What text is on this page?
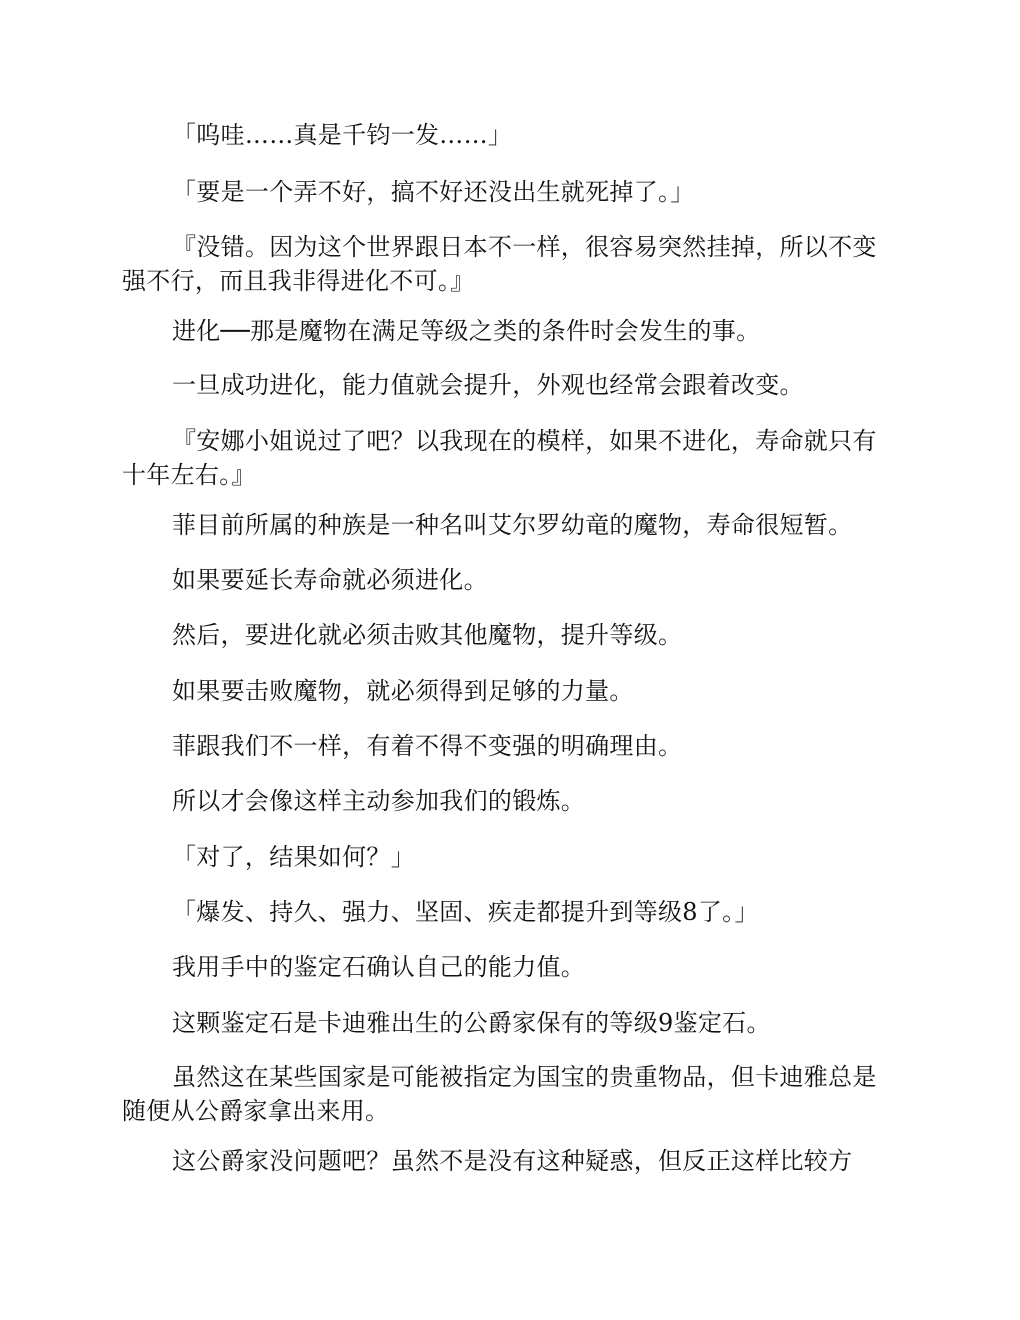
「呜哇……真是千钧一发……」

「要是一个弄不好，搞不好还没出生就死掉了。」

『没错。因为这个世界跟日本不一样，很容易突然挂掉，所以不变强不行，而且我非得进化不可。』

进化──那是魔物在满足等级之类的条件时会发生的事。

一旦成功进化，能力值就会提升，外观也经常会跟着改变。

『安娜小姐说过了吧？以我现在的模样，如果不进化，寿命就只有十年左右。』

菲目前所属的种族是一种名叫艾尔罗幼竜的魔物，寿命很短暂。

如果要延长寿命就必须进化。

然后，要进化就必须击败其他魔物，提升等级。

如果要击败魔物，就必须得到足够的力量。

菲跟我们不一样，有着不得不变强的明确理由。

所以才会像这样主动参加我们的锻炼。

「对了，结果如何？」

「爆发、持久、强力、坚固、疾走都提升到等级8了。」

我用手中的鉴定石确认自己的能力值。

这颗鉴定石是卡迪雅出生的公爵家保有的等级9鉴定石。

虽然这在某些国家是可能被指定为国宝的贵重物品，但卡迪雅总是随便从公爵家拿出来用。

这公爵家没问题吧？虽然不是没有这种疑惑，但反正这样比较方
